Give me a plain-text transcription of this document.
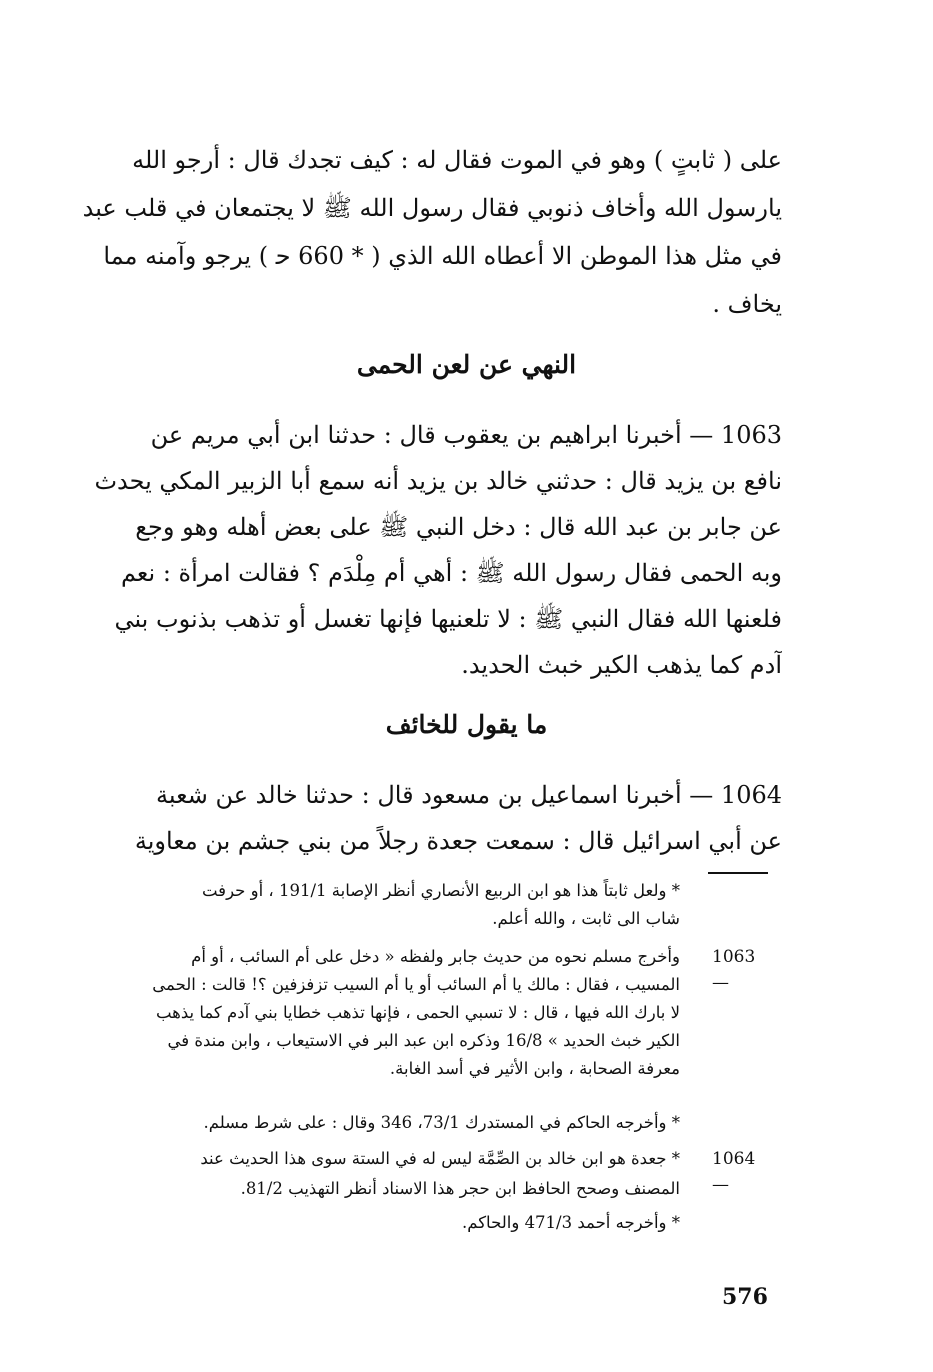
على ( ثابتٍ ) وهو في الموت فقال له : كيف تجدك قال : أرجو الله
يارسول الله وأخاف ذنوبي فقال رسول الله ﷺ لا يجتمعان في قلب عبد
في مثل هذا الموطن الا أعطاه الله الذي ( * 660 ﺣ ) يرجو وآمنه مما
يخاف .
النهي عن لعن الحمى
1063 — أخبرنا ابراهيم بن يعقوب قال : حدثنا ابن أبي مريم عن
نافع بن يزيد قال : حدثني خالد بن يزيد أنه سمع أبا الزبير المكي يحدث
عن جابر بن عبد الله قال : دخل النبي ﷺ على بعض أهله وهو وجع
وبه الحمى فقال رسول الله ﷺ : أهي أم مِلْدَم ؟ فقالت امرأة : نعم
فلعنها الله فقال النبي ﷺ : لا تلعنيها فإنها تغسل أو تذهب بذنوب بني
آدم كما يذهب الكير خبث الحديد.
ما يقول للخائف
1064 — أخبرنا اسماعيل بن مسعود قال : حدثنا خالد عن شعبة
عن أبي اسرائيل قال : سمعت جعدة رجلاً من بني جشم بن معاوية
* ولعل ثابتاً هذا هو ابن الربيع الأنصاري أنظر الإصابة 191/1 ، أو حرفت
شاب الى ثابت ، والله أعلم.
1063 —
وأخرج مسلم نحوه من حديث جابر ولفظه « دخل على أم السائب ، أو أم
المسيب ، فقال : مالك يا أم السائب أو يا أم السيب تزفزفين ؟! قالت : الحمى
لا بارك الله فيها ، قال : لا تسبي الحمى ، فإنها تذهب خطايا بني آدم كما يذهب
الكير خبث الحديد » 16/8 وذكره ابن عبد البر في الاستيعاب ، وابن مندة في
معرفة الصحابة ، وابن الأثير في أسد الغابة.
* وأخرجه الحاكم في المستدرك 73/1، 346 وقال : على شرط مسلم.
1064 —
* جعدة هو ابن خالد بن الصِّمَّة ليس له في الستة سوى هذا الحديث عند
المصنف وصحح الحافظ ابن حجر هذا الاسناد أنظر التهذيب 81/2.
* وأخرجه أحمد 471/3 والحاكم.
576
